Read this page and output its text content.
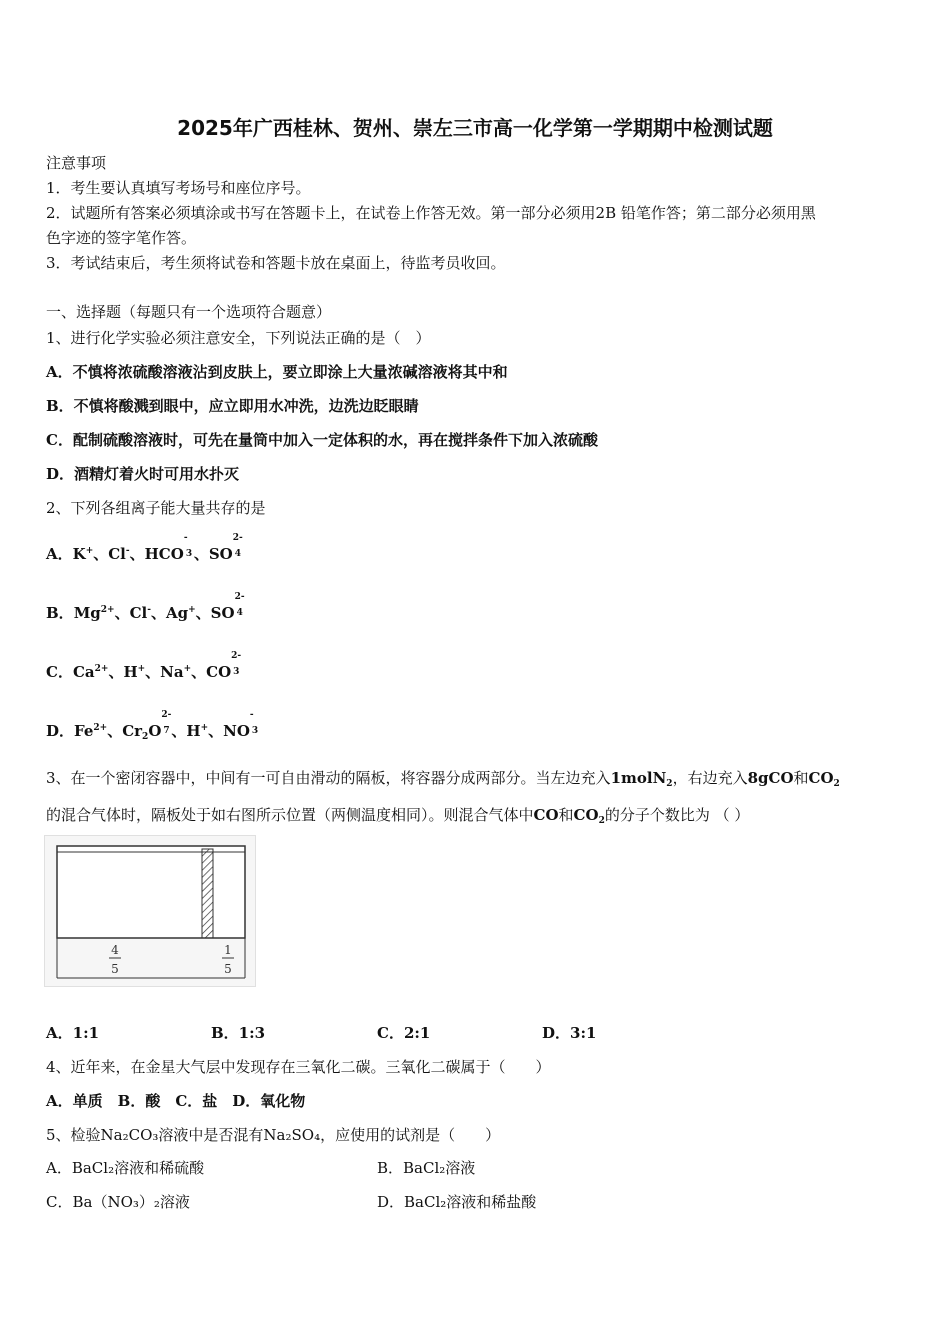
2025年广西桂林、贺州、崇左三市高一化学第一学期期中检测试题
注意事项
1．考生要认真填写考场号和座位序号。
2．试题所有答案必须填涂或书写在答题卡上，在试卷上作答无效。第一部分必须用2B 铅笔作答；第二部分必须用黑
色字迹的签字笔作答。
3．考试结束后，考生须将试卷和答题卡放在桌面上，待监考员收回。
一、选择题（每题只有一个选项符合题意）
1、进行化学实验必须注意安全，下列说法正确的是（　）
A．不慎将浓硫酸溶液沾到皮肤上，要立即涂上大量浓碱溶液将其中和
B．不慎将酸溅到眼中，应立即用水冲洗，边洗边眨眼睛
C．配制硫酸溶液时，可先在量筒中加入一定体积的水，再在搅拌条件下加入浓硫酸
D．酒精灯着火时可用水扑灭
2、下列各组离子能大量共存的是
A．K+、Cl-、HCO
-
3 、SO
2-
4
B．$Mg^{2+}$、Cl-、Ag+、SO
2-
4
C．$Ca^{2+}$、H+、Na+、CO
2-
3
D．$Fe^{2+}$、$Cr_2O$
2-
7 、H+、NO
-
3
3、在一个密闭容器中，中间有一可自由滑动的隔板，将容器分成两部分。当左边充入1molN$_2$，右边充入8gCO和$CO_2$
的混合气体时，隔板处于如右图所示位置（两侧温度相同）。则混合气体中CO和$CO_2$的分子个数比为 （ ）
4
5
1
5
A．1:1	B．1:3	C．2:1	D．3:1
4、近年来，在金星大气层中发现存在三氧化二碳。三氧化二碳属于（　　）
A．单质　B．酸　C．盐　D．氧化物
5、检验Na₂CO₃溶液中是否混有Na₂SO₄，应使用的试剂是（　　）
A．BaCl₂溶液和稀硫酸	B．BaCl₂溶液
C．Ba（NO₃）₂溶液	D．BaCl₂溶液和稀盐酸
